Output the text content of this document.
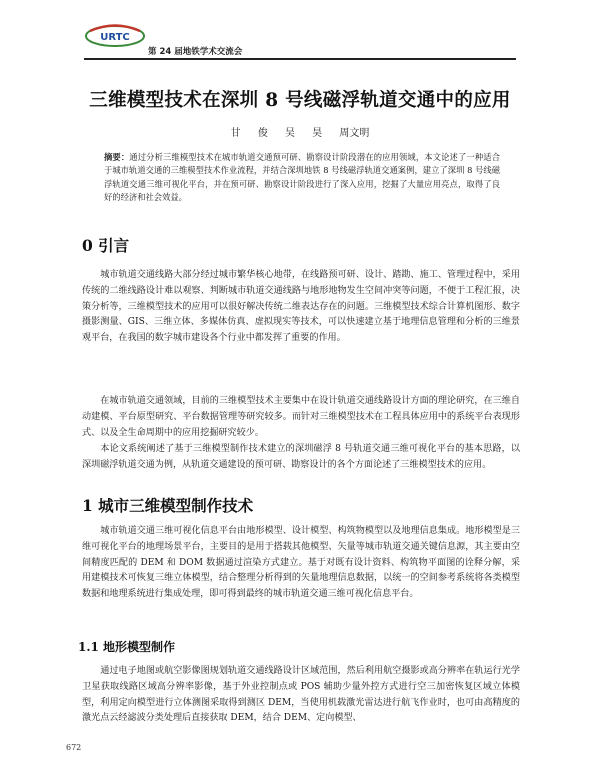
URTC
第 24 届地铁学术交流会
三维模型技术在深圳 8 号线磁浮轨道交通中的应用
甘 俊 吴 昊 周文明
摘要：通过分析三维模型技术在城市轨道交通预可研、勘察设计阶段潜在的应用领域，本文论述了一种适合于城市轨道交通的三维模型技术作业流程，并结合深圳地铁 8 号线磁浮轨道交通案例，建立了深圳 8 号线磁浮轨道交通三维可视化平台，并在预可研、勘察设计阶段进行了深入应用，挖掘了大量应用亮点，取得了良好的经济和社会效益。
0 引言
城市轨道交通线路大部分经过城市繁华核心地带，在线路预可研、设计、踏勘、施工、管理过程中，采用传统的二维线路设计难以观察、判断城市轨道交通线路与地形地物发生空间冲突等问题，不便于工程汇报，决策分析等，三维模型技术的应用可以很好解决传统二维表达存在的问题。三维模型技术综合计算机图形、数字摄影测量、GIS、三维立体、多媒体仿真、虚拟现实等技术，可以快速建立基于地理信息管理和分析的三维景观平台，在我国的数字城市建设各个行业中都发挥了重要的作用。
在城市轨道交通领域，目前的三维模型技术主要集中在设计轨道交通线路设计方面的理论研究，在三维自动建模、平台原型研究、平台数据管理等研究较多。而针对三维模型技术在工程具体应用中的系统平台表现形式、以及全生命周期中的应用挖掘研究较少。
本论文系统阐述了基于三维模型制作技术建立的深圳磁浮 8 号轨道交通三维可视化平台的基本思路，以深圳磁浮轨道交通为例，从轨道交通建设的预可研、勘察设计的各个方面论述了三维模型技术的应用。
1 城市三维模型制作技术
城市轨道交通三维可视化信息平台由地形模型、设计模型、构筑物模型以及地理信息集成。地形模型是三维可视化平台的地理场景平台，主要目的是用于搭载其他模型、矢量等城市轨道交通关键信息源，其主要由空间精度匹配的 DEM 和 DOM 数据通过渲染方式建立。基于对既有设计资料、构筑物平面图的诠释分解，采用建模技术可恢复三维立体模型，结合整理分析得到的矢量地理信息数据，以统一的空间参考系统将各类模型数据和地理系统进行集成处理，即可得到最终的城市轨道交通三维可视化信息平台。
1.1 地形模型制作
通过电子地图或航空影像图规划轨道交通线路设计区域范围，然后利用航空摄影或高分辨率在轨运行光学卫星获取线路区域高分辨率影像，基于外业控制点或 POS 辅助少量外控方式进行空三加密恢复区域立体模型，利用定向模型进行立体测图采取得到测区 DEM，当使用机载激光雷达进行航飞作业时，也可由高精度的激光点云经滤波分类处理后直接获取 DEM，结合 DEM、定向模型、
672
